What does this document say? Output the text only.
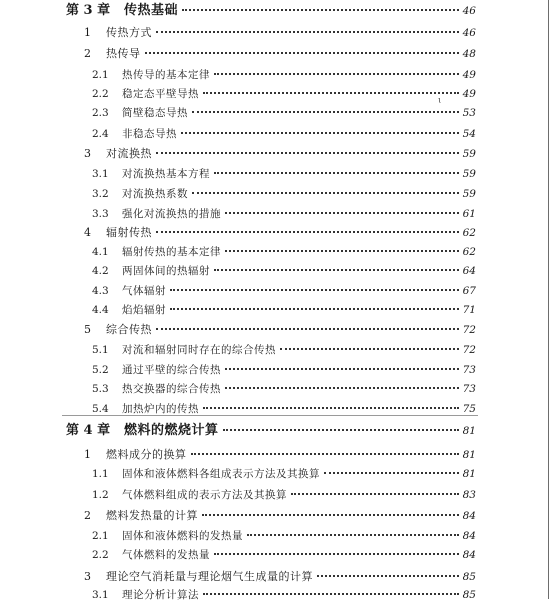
ɩ
第 3 章	传热基础	46
1	传热方式	46
2	热传导	48
2.1	热传导的基本定律	49
2.2	稳定态平壁导热	49
2.3	简壁稳态导热	53
2.4	非稳态导热	54
3	对流换热	59
3.1	对流换热基本方程	59
3.2	对流换热系数	59
3.3	强化对流换热的措施	61
4	辐射传热	62
4.1	辐射传热的基本定律	62
4.2	两固体间的热辐射	64
4.3	气体辐射	67
4.4	焰焰辐射	71
5	综合传热	72
5.1	对流和辐射同时存在的综合传热	72
5.2	通过平壁的综合传热	73
5.3	热交换器的综合传热	73
5.4	加热炉内的传热	75
第 4 章	燃料的燃烧计算	81
1	燃料成分的换算	81
1.1	固体和液体燃料各组成表示方法及其换算	81
1.2	气体燃料组成的表示方法及其换算	83
2	燃料发热量的计算	84
2.1	固体和液体燃料的发热量	84
2.2	气体燃料的发热量	84
3	理论空气消耗量与理论烟气生成量的计算	85
3.1	理论分析计算法	85
